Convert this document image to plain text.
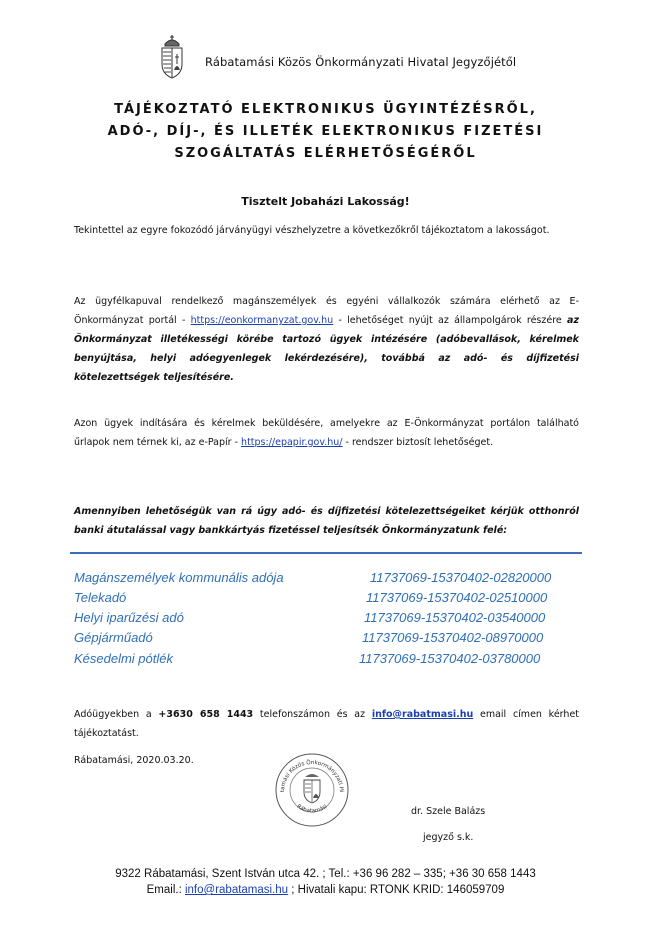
Rábatamási Közös Önkormányzati Hivatal Jegyzőjétől
TÁJÉKOZTATÓ ELEKTRONIKUS ÜGYINTÉZÉSRŐL,
ADÓ-, DÍJ-, ÉS ILLETÉK ELEKTRONIKUS FIZETÉSI
SZOGÁLTATÁS ELÉRHETŐSÉGÉRŐL
Tisztelt Jobaházi Lakosság!
Tekintettel az egyre fokozódó járványügyi vészhelyzetre a következőkről tájékoztatom a lakosságot.
Az ügyfélkapuval rendelkező magánszemélyek és egyéni vállalkozók számára elérhető az E-Önkormányzat portál - https://eonkormanyzat.gov.hu - lehetőséget nyújt az állampolgárok részére az Önkormányzat illetékességi körébe tartozó ügyek intézésére (adóbevallások, kérelmek benyújtása, helyi adóegyenlegek lekérdezésére), továbbá az adó- és díjfizetési kötelezettségek teljesítésére.
Azon ügyek indítására és kérelmek beküldésére, amelyekre az E-Önkormányzat portálon található űrlapok nem térnek ki, az e-Papír - https://epapir.gov.hu/ - rendszer biztosít lehetőséget.
Amennyiben lehetőségük van rá úgy adó- és díjfizetési kötelezettségeiket kérjük otthonról banki átutalással vagy bankkártyás fizetéssel teljesítsék Önkormányzatunk felé:
Magánszemélyek kommunális adója	11737069-15370402-02820000
Telekadó	11737069-15370402-02510000
Helyi iparűzési adó	11737069-15370402-03540000
Gépjárműadó	11737069-15370402-08970000
Késedelmi pótlék	11737069-15370402-03780000
Adóügyekben a +3630 658 1443 telefonszámon és az info@rabatmasi.hu email címen kérhet tájékoztatást.
Rábatamási, 2020.03.20.
tamási Közös Önkormányzati Hi
Rábatamási	dr. Szele Balázs
jegyző s.k.
9322 Rábatamási, Szent István utca 42. ; Tel.: +36 96 282 – 335; +36 30 658 1443
Email.: info@rabatamasi.hu ; Hivatali kapu: RTONK KRID: 146059709
